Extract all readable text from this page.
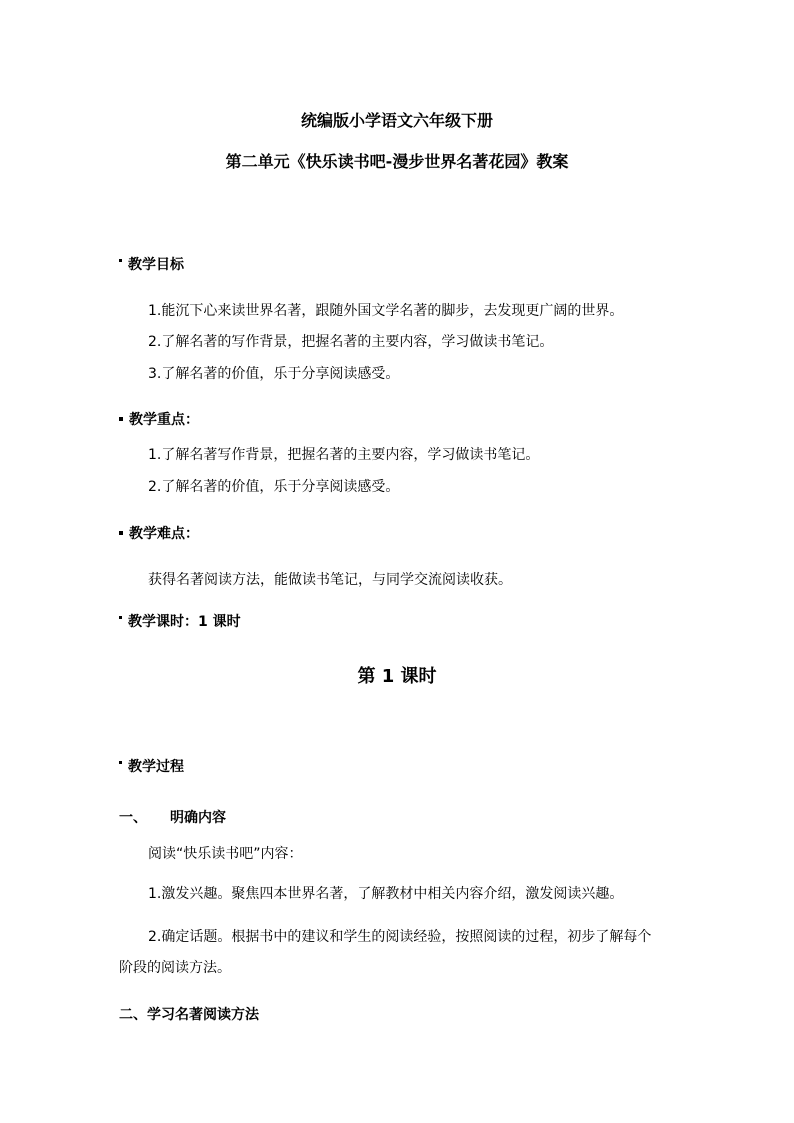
统编版小学语文六年级下册
第二单元《快乐读书吧-漫步世界名著花园》教案
教学目标
1.能沉下心来读世界名著，跟随外国文学名著的脚步，去发现更广阔的世界。
2.了解名著的写作背景，把握名著的主要内容，学习做读书笔记。
3.了解名著的价值，乐于分享阅读感受。
教学重点：
1.了解名著写作背景，把握名著的主要内容，学习做读书笔记。
2.了解名著的价值，乐于分享阅读感受。
教学难点：
获得名著阅读方法，能做读书笔记，与同学交流阅读收获。
教学课时：1 课时
第 1 课时
教学过程
一、 明确内容
阅读“快乐读书吧”内容：
1.激发兴趣。聚焦四本世界名著，了解教材中相关内容介绍，激发阅读兴趣。
2.确定话题。根据书中的建议和学生的阅读经验，按照阅读的过程，初步了解每个
阶段的阅读方法。
二、学习名著阅读方法
